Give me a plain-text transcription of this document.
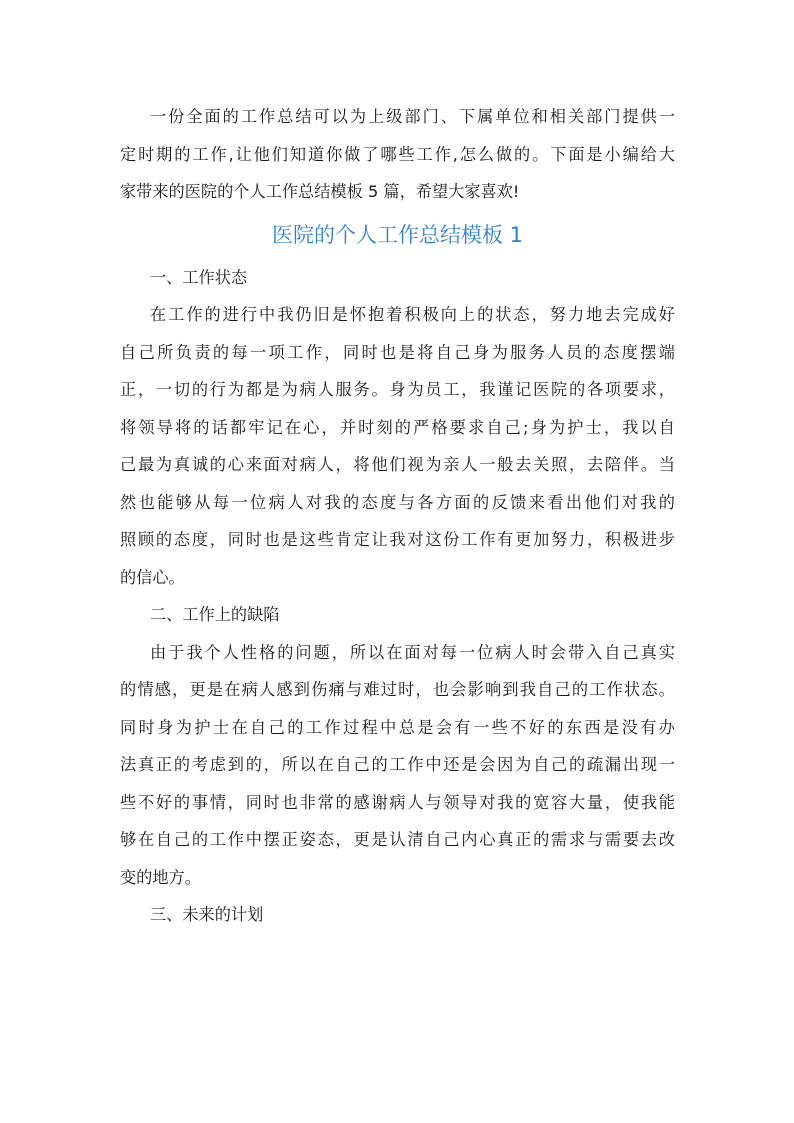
一份全面的工作总结可以为上级部门、下属单位和相关部门提供一
定时期的工作,让他们知道你做了哪些工作,怎么做的。下面是小编给大
家带来的医院的个人工作总结模板 5 篇，希望大家喜欢!
医院的个人工作总结模板 1
一、工作状态
在工作的进行中我仍旧是怀抱着积极向上的状态，努力地去完成好
自己所负责的每一项工作，同时也是将自己身为服务人员的态度摆端
正，一切的行为都是为病人服务。身为员工，我谨记医院的各项要求，
将领导将的话都牢记在心，并时刻的严格要求自己;身为护士，我以自
己最为真诚的心来面对病人，将他们视为亲人一般去关照，去陪伴。当
然也能够从每一位病人对我的态度与各方面的反馈来看出他们对我的
照顾的态度，同时也是这些肯定让我对这份工作有更加努力，积极进步
的信心。
二、工作上的缺陷
由于我个人性格的问题，所以在面对每一位病人时会带入自己真实
的情感，更是在病人感到伤痛与难过时，也会影响到我自己的工作状态。
同时身为护士在自己的工作过程中总是会有一些不好的东西是没有办
法真正的考虑到的，所以在自己的工作中还是会因为自己的疏漏出现一
些不好的事情，同时也非常的感谢病人与领导对我的宽容大量，使我能
够在自己的工作中摆正姿态，更是认清自己内心真正的需求与需要去改
变的地方。
三、未来的计划
